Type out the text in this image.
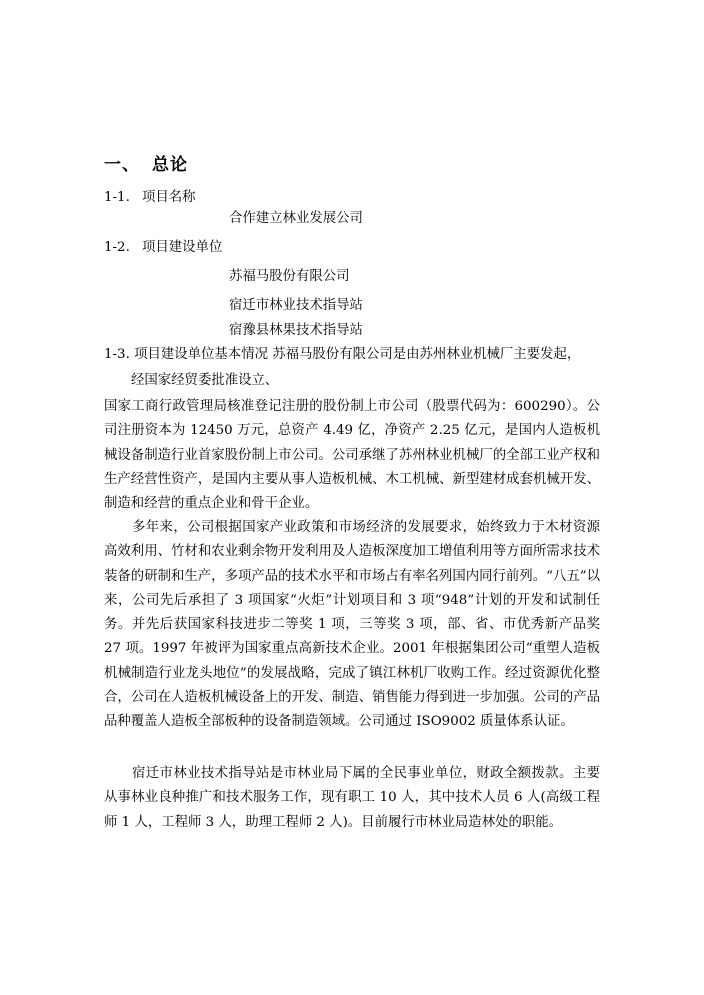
一、 总论
1-1. 项目名称
合作建立林业发展公司
1-2. 项目建设单位
苏福马股份有限公司
宿迁市林业技术指导站
宿豫县林果技术指导站
1-3. 项目建设单位基本情况 苏福马股份有限公司是由苏州林业机械厂主要发起，
经国家经贸委批准设立、

国家工商行政管理局核准登记注册的股份制上市公司（股票代码为：600290）。公司注册资本为 12450 万元，总资产 4.49 亿，净资产 2.25 亿元，是国内人造板机械设备制造行业首家股份制上市公司。公司承继了苏州林业机械厂的全部工业产权和生产经营性资产，是国内主要从事人造板机械、木工机械、新型建材成套机械开发、制造和经营的重点企业和骨干企业。

多年来，公司根据国家产业政策和市场经济的发展要求，始终致力于木材资源高效利用、竹材和农业剩余物开发利用及人造板深度加工增值利用等方面所需求技术装备的研制和生产，多项产品的技术水平和市场占有率名列国内同行前列。“八五”以来，公司先后承担了 3 项国家“火炬”计划项目和 3 项“948”计划的开发和试制任务。并先后获国家科技进步二等奖 1 项，三等奖 3 项，部、省、市优秀新产品奖 27 项。1997 年被评为国家重点高新技术企业。2001 年根据集团公司“重塑人造板机械制造行业龙头地位”的发展战略，完成了镇江林机厂收购工作。经过资源优化整合，公司在人造板机械设备上的开发、制造、销售能力得到进一步加强。公司的产品品种覆盖人造板全部板种的设备制造领域。公司通过 ISO9002 质量体系认证。

宿迁市林业技术指导站是市林业局下属的全民事业单位，财政全额拨款。主要从事林业良种推广和技术服务工作，现有职工 10 人，其中技术人员 6 人(高级工程师 1 人，工程师 3 人，助理工程师 2 人)。目前履行市林业局造林处的职能。
